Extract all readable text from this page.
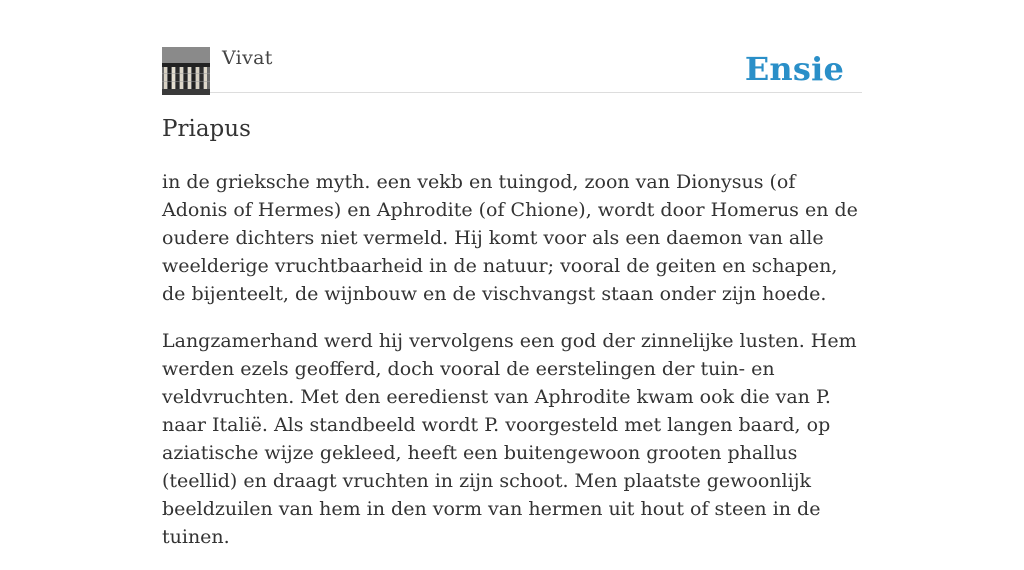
Vivat	Ensie
Priapus

in de grieksche myth. een vekb en tuingod, zoon van Dionysus (of Adonis of Hermes) en Aphrodite (of Chione), wordt door Homerus en de oudere dichters niet vermeld. Hij komt voor als een daemon van alle weelderige vruchtbaarheid in de natuur; vooral de geiten en schapen, de bijenteelt, de wijnbouw en de vischvangst staan onder zijn hoede.

Langzamerhand werd hij vervolgens een god der zinnelijke lusten. Hem werden ezels geofferd, doch vooral de eerstelingen der tuin- en veldvruchten. Met den eeredienst van Aphrodite kwam ook die van P. naar Italië. Als standbeeld wordt P. voorgesteld met langen baard, op aziatische wijze gekleed, heeft een buitengewoon grooten phallus (teellid) en draagt vruchten in zijn schoot. Men plaatste gewoonlijk beeldzuilen van hem in den vorm van hermen uit hout of steen in de tuinen.
